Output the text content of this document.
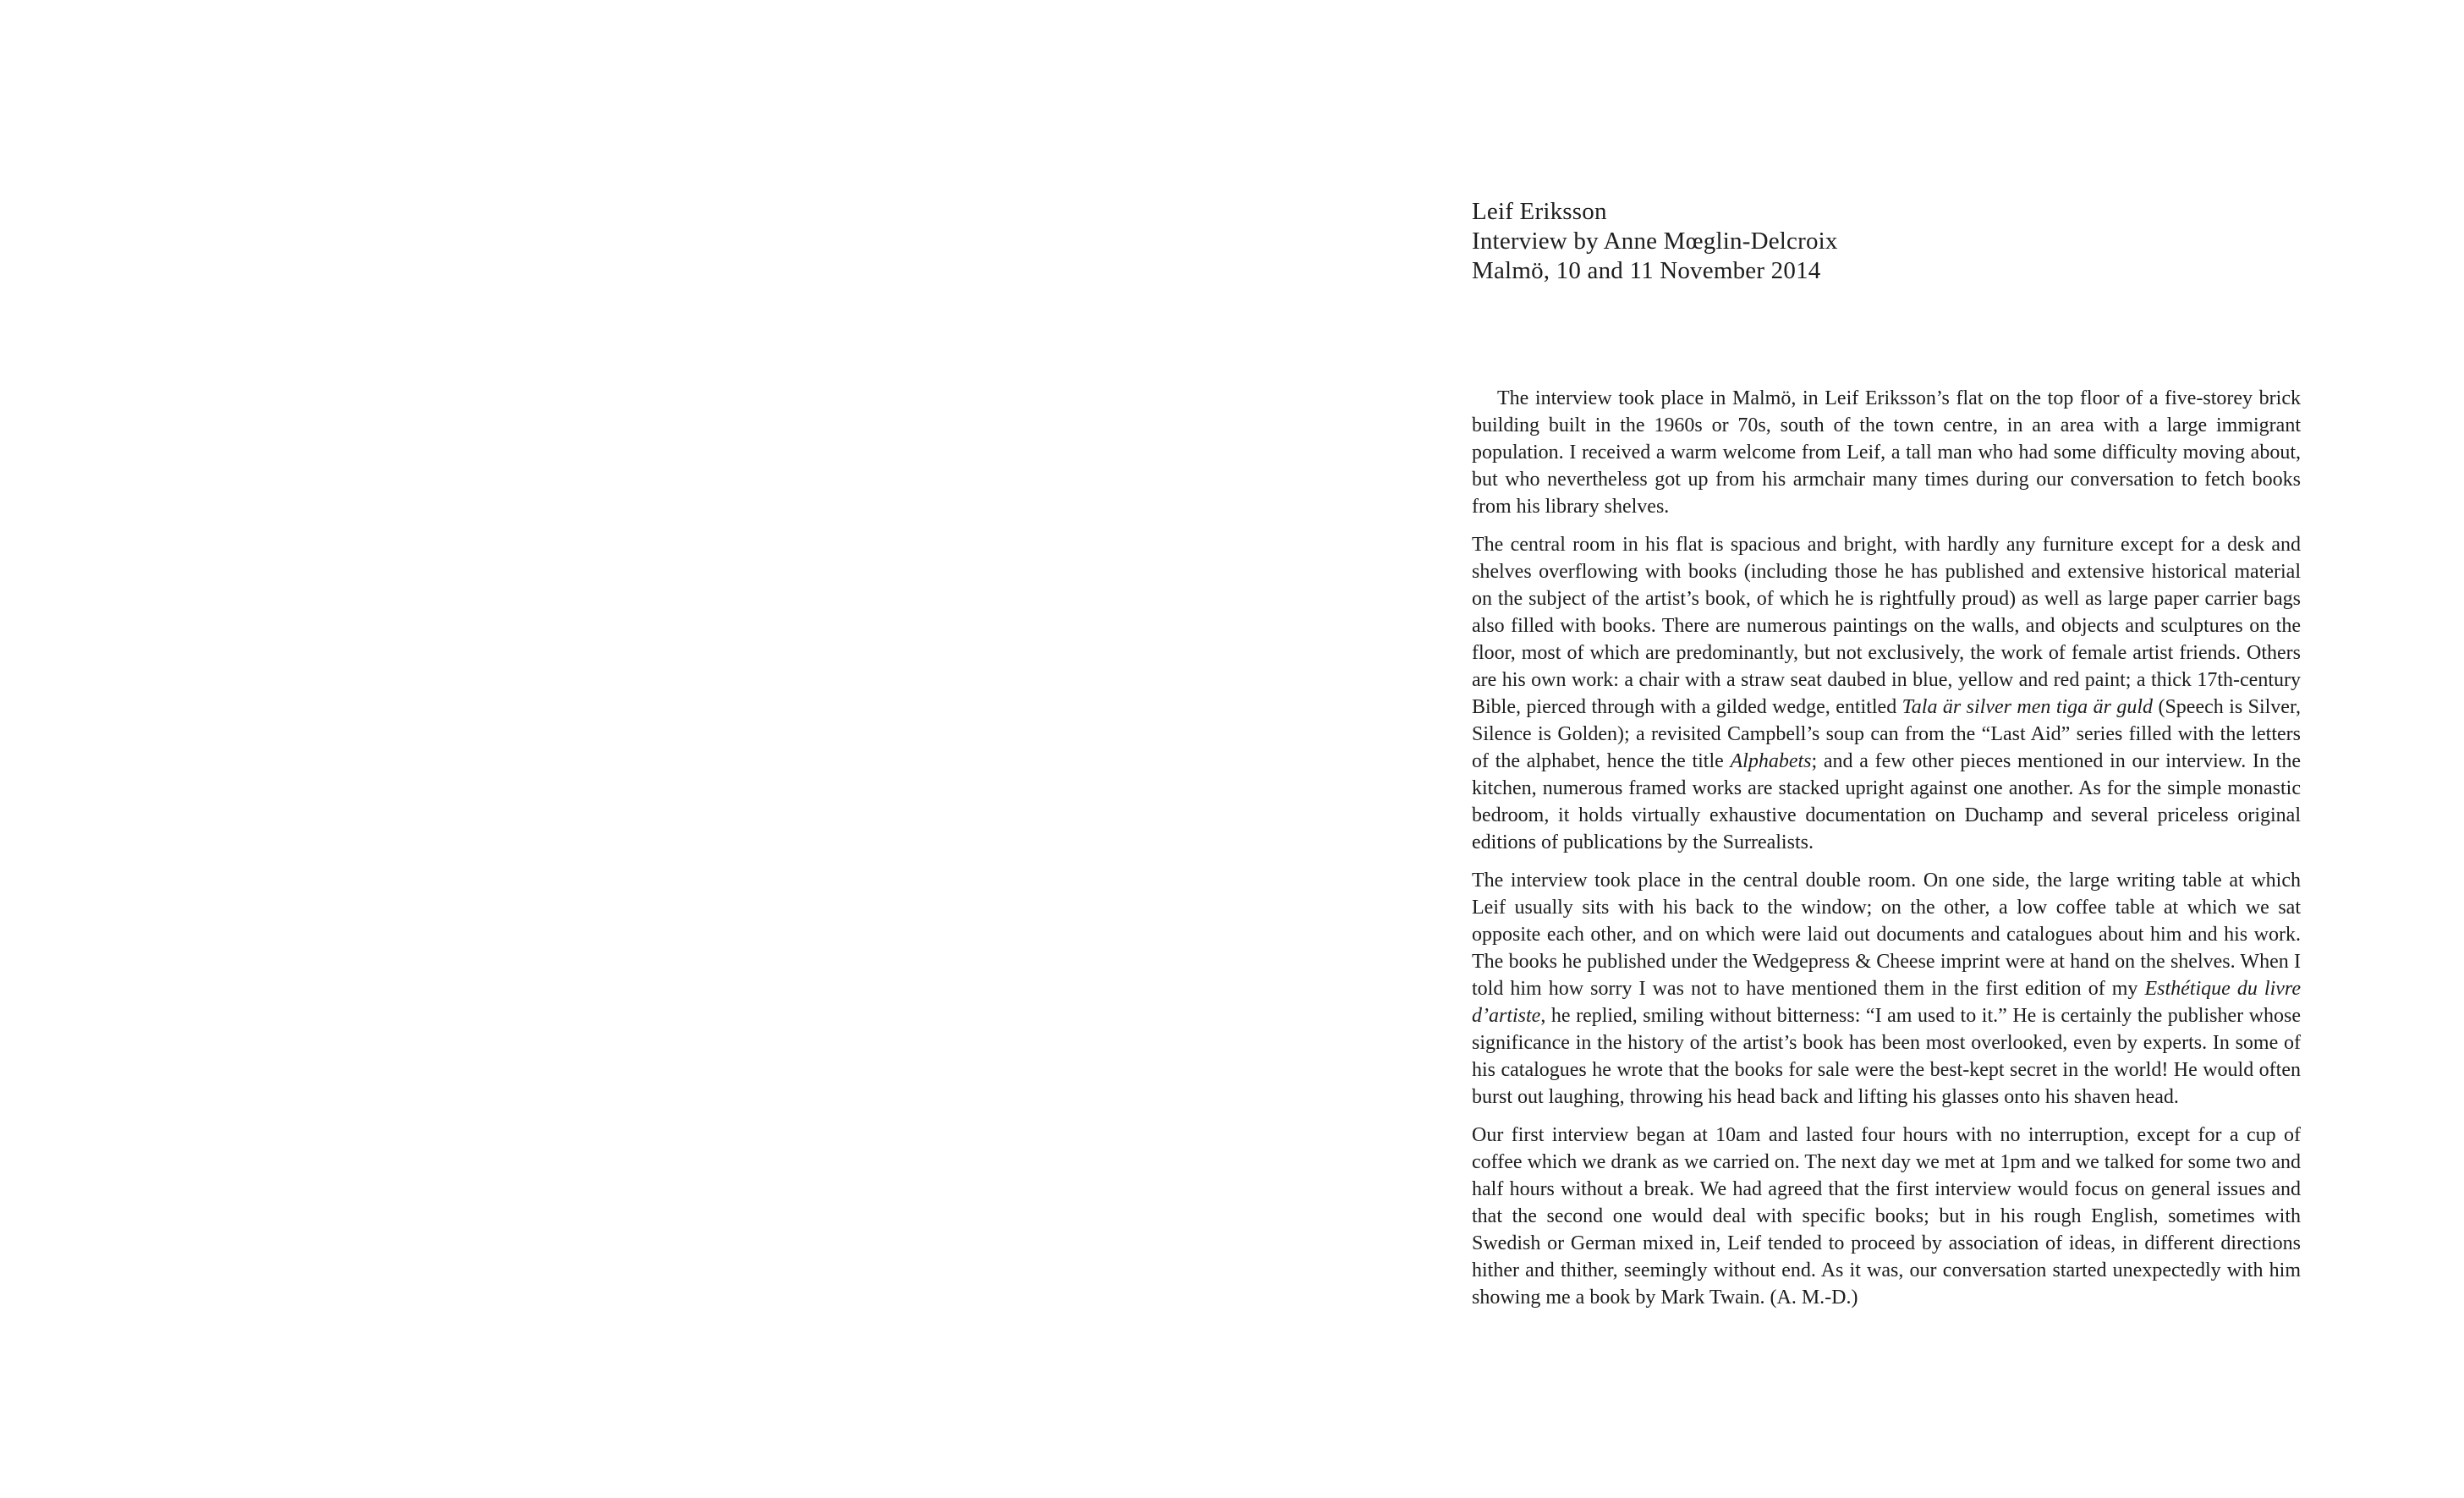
Leif Eriksson
Interview by Anne Mœglin-Delcroix
Malmö, 10 and 11 November 2014

The interview took place in Malmö, in Leif Eriksson’s flat on the top floor of a five-storey brick building built in the 1960s or 70s, south of the town centre, in an area with a large immigrant population. I received a warm welcome from Leif, a tall man who had some difficulty moving about, but who nevertheless got up from his armchair many times during our conversation to fetch books from his library shelves.

The central room in his flat is spacious and bright, with hardly any furniture except for a desk and shelves overflowing with books (including those he has published and extensive historical material on the subject of the artist’s book, of which he is rightfully proud) as well as large paper carrier bags also filled with books. There are numerous paintings on the walls, and objects and sculptures on the floor, most of which are predominantly, but not exclusively, the work of female artist friends. Others are his own work: a chair with a straw seat daubed in blue, yellow and red paint; a thick 17th-century Bible, pierced through with a gilded wedge, entitled Tala är silver men tiga är guld (Speech is Silver, Silence is Golden); a revisited Campbell’s soup can from the “Last Aid” series filled with the letters of the alphabet, hence the title Alphabets; and a few other pieces mentioned in our interview. In the kitchen, numerous framed works are stacked upright against one another. As for the simple monastic bedroom, it holds virtually exhaustive documentation on Duchamp and several priceless original editions of publications by the Surrealists.

The interview took place in the central double room. On one side, the large writing table at which Leif usually sits with his back to the window; on the other, a low coffee table at which we sat opposite each other, and on which were laid out documents and catalogues about him and his work. The books he published under the Wedgepress & Cheese imprint were at hand on the shelves. When I told him how sorry I was not to have mentioned them in the first edition of my Esthétique du livre d’artiste, he replied, smiling without bitterness: “I am used to it.” He is certainly the publisher whose significance in the history of the artist’s book has been most overlooked, even by experts. In some of his catalogues he wrote that the books for sale were the best-kept secret in the world! He would often burst out laughing, throwing his head back and lifting his glasses onto his shaven head.

Our first interview began at 10am and lasted four hours with no interruption, except for a cup of coffee which we drank as we carried on. The next day we met at 1pm and we talked for some two and half hours without a break. We had agreed that the first interview would focus on general issues and that the second one would deal with specific books; but in his rough English, sometimes with Swedish or German mixed in, Leif tended to proceed by association of ideas, in different directions hither and thither, seemingly without end. As it was, our conversation started unexpectedly with him showing me a book by Mark Twain. (A. M.-D.)
